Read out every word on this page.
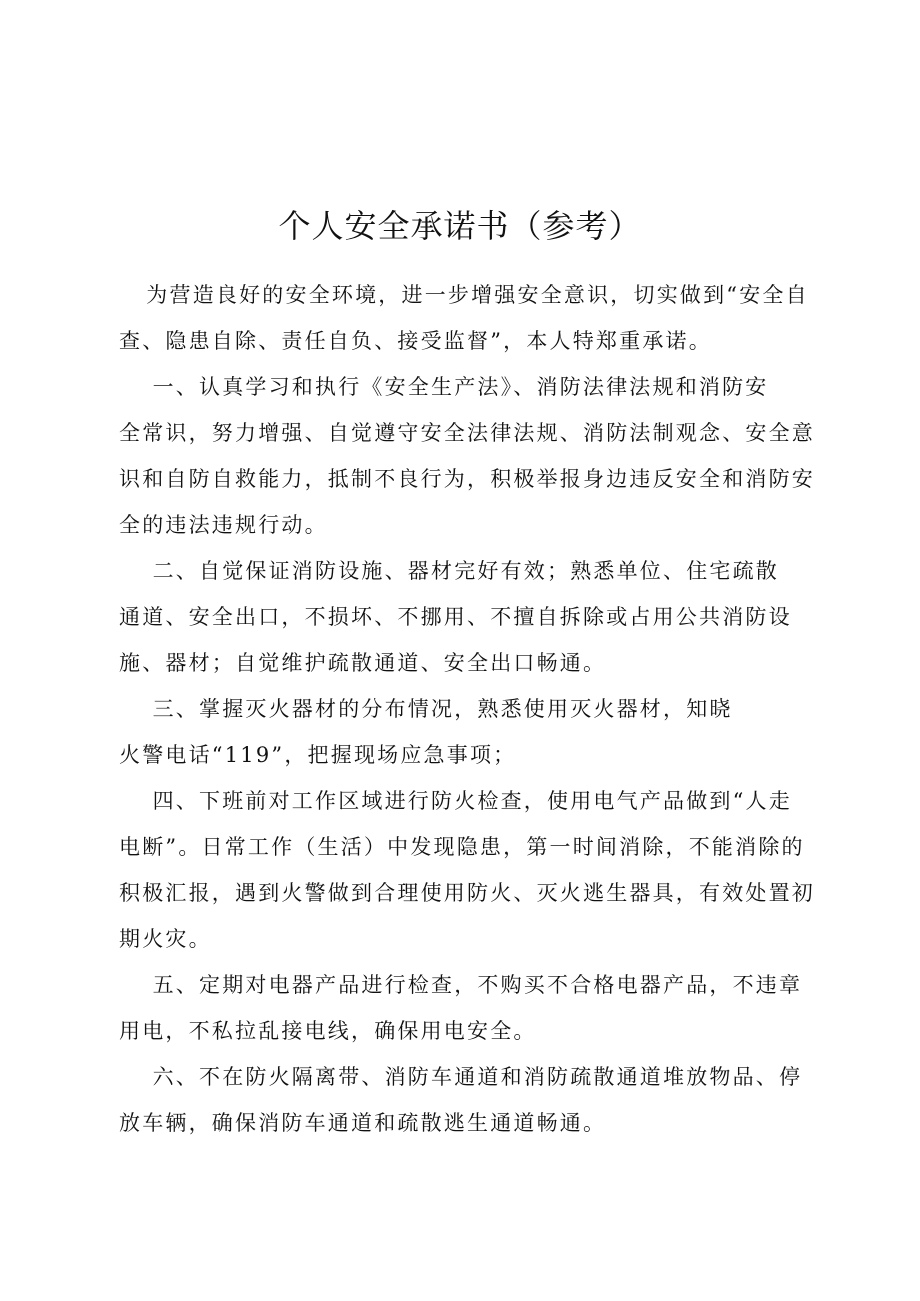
个人安全承诺书（参考）

为营造良好的安全环境，进一步增强安全意识，切实做到“安全自
查、隐患自除、责任自负、接受监督”，本人特郑重承诺。

一、认真学习和执行《安全生产法》、消防法律法规和消防安
全常识，努力增强、自觉遵守安全法律法规、消防法制观念、安全意
识和自防自救能力，抵制不良行为，积极举报身边违反安全和消防安
全的违法违规行动。

二、自觉保证消防设施、器材完好有效；熟悉单位、住宅疏散
通道、安全出口，不损坏、不挪用、不擅自拆除或占用公共消防设
施、器材；自觉维护疏散通道、安全出口畅通。

三、掌握灭火器材的分布情况，熟悉使用灭火器材，知晓
火警电话“119”，把握现场应急事项；

四、下班前对工作区域进行防火检查，使用电气产品做到“人走
电断”。日常工作（生活）中发现隐患，第一时间消除，不能消除的
积极汇报，遇到火警做到合理使用防火、灭火逃生器具，有效处置初
期火灾。

五、定期对电器产品进行检查，不购买不合格电器产品，不违章
用电，不私拉乱接电线，确保用电安全。

六、不在防火隔离带、消防车通道和消防疏散通道堆放物品、停
放车辆，确保消防车通道和疏散逃生通道畅通。
